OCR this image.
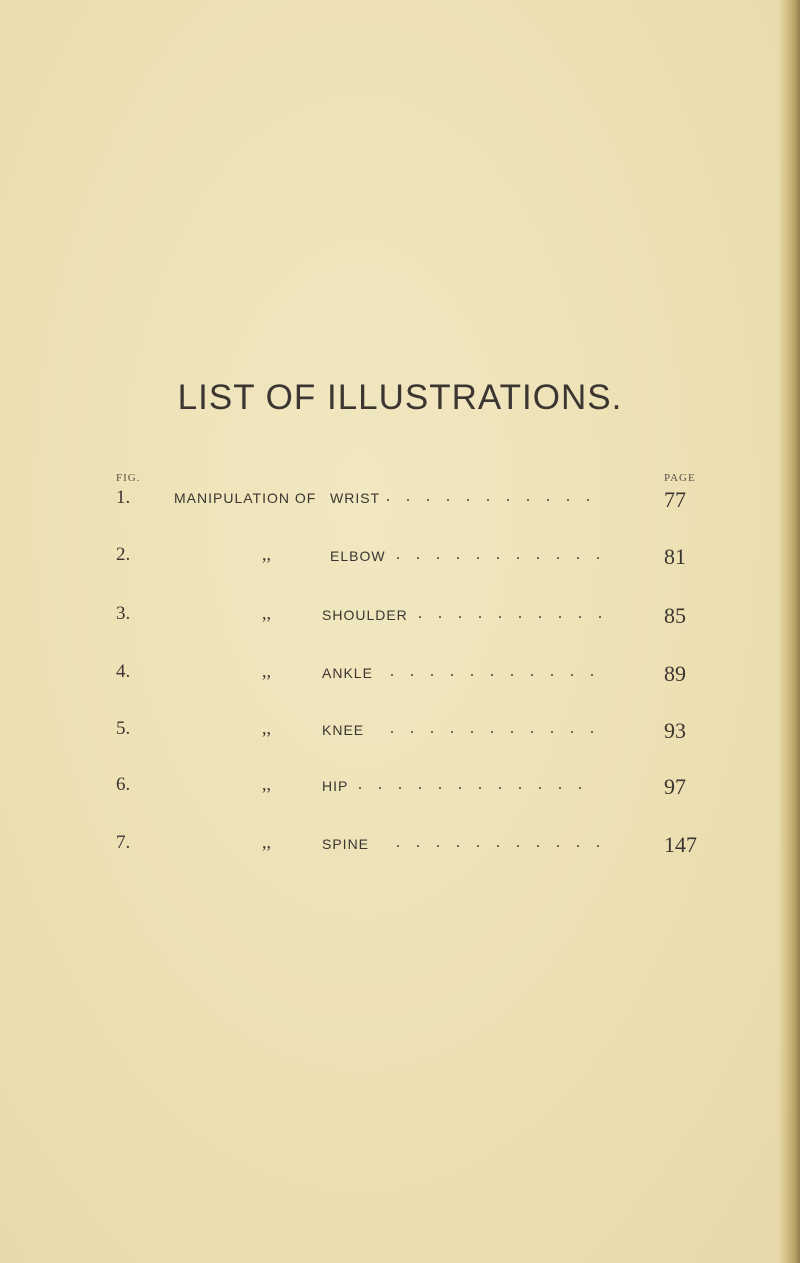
LIST OF ILLUSTRATIONS.
FIG.	PAGE
1.	MANIPULATION OF WRIST . . . . . . . . . . .	77
2.	,,	ELBOW . . . . . . . . . . .	81
3.	,,	SHOULDER . . . . . . . . . .	85
4.	,,	ANKLE . . . . . . . . . . .	89
5.	,,	KNEE . . . . . . . . . . .	93
6.	,,	HIP . . . . . . . . . . . .	97
7.	,,	SPINE . . . . . . . . . . .	147
